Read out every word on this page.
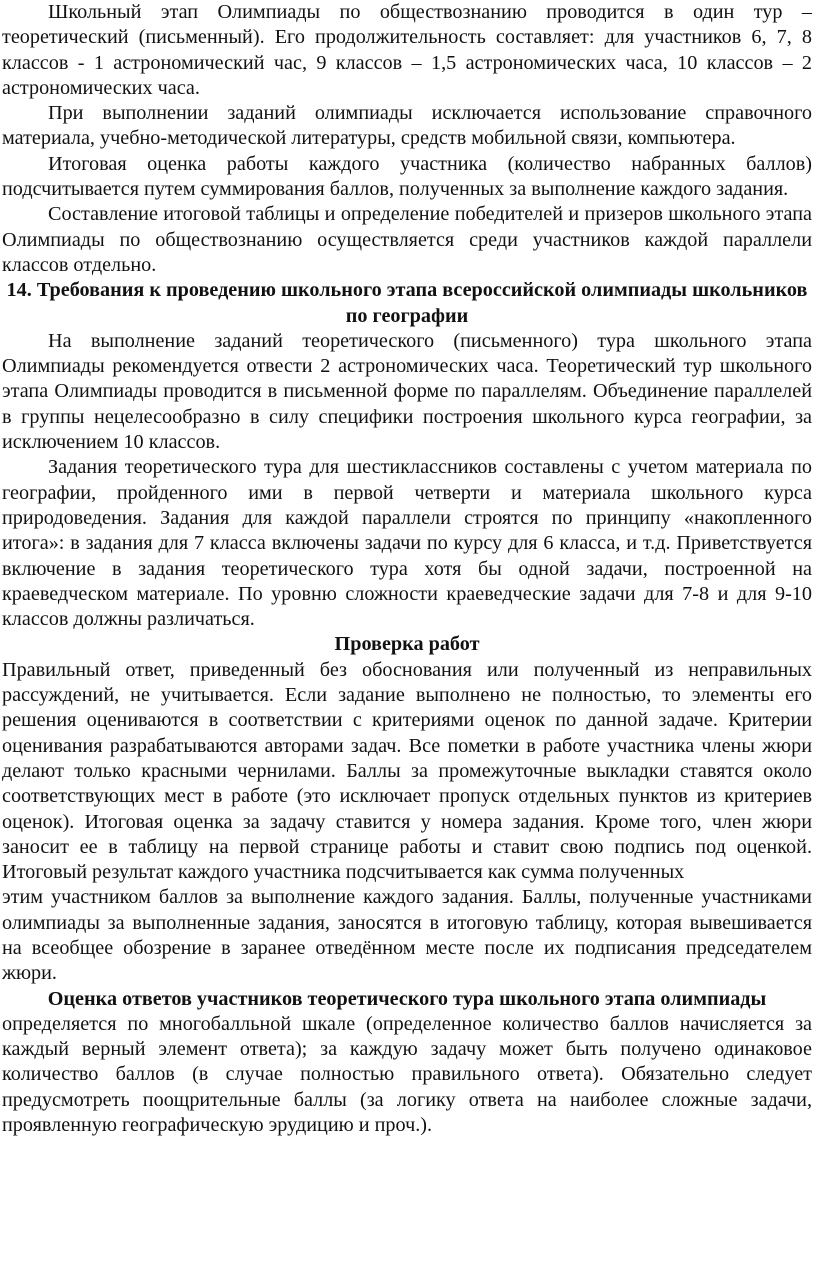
Школьный этап Олимпиады по обществознанию проводится в один тур – теоретический (письменный). Его продолжительность составляет: для участников 6, 7, 8 классов - 1 астрономический час, 9 классов – 1,5 астрономических часа, 10 классов – 2 астрономических часа.

При выполнении заданий олимпиады исключается использование справочного материала, учебно-методической литературы, средств мобильной связи, компьютера.

Итоговая оценка работы каждого участника (количество набранных баллов) подсчитывается путем суммирования баллов, полученных за выполнение каждого задания.

Составление итоговой таблицы и определение победителей и призеров школьного этапа Олимпиады по обществознанию осуществляется среди участников каждой параллели классов отдельно.

14. Требования к проведению школьного этапа всероссийской олимпиады школьников по географии

На выполнение заданий теоретического (письменного) тура школьного этапа Олимпиады рекомендуется отвести 2 астрономических часа. Теоретический тур школьного этапа Олимпиады проводится в письменной форме по параллелям. Объединение параллелей в группы нецелесообразно в силу специфики построения школьного курса географии, за исключением 10 классов.

Задания теоретического тура для шестиклассников составлены с учетом материала по географии, пройденного ими в первой четверти и материала школьного курса природоведения. Задания для каждой параллели строятся по принципу «накопленного итога»: в задания для 7 класса включены задачи по курсу для 6 класса, и т.д. Приветствуется включение в задания теоретического тура хотя бы одной задачи, построенной на краеведческом материале. По уровню сложности краеведческие задачи для 7-8 и для 9-10 классов должны различаться.

Проверка работ

Правильный ответ, приведенный без обоснования или полученный из неправильных рассуждений, не учитывается. Если задание выполнено не полностью, то элементы его решения оцениваются в соответствии с критериями оценок по данной задаче. Критерии оценивания разрабатываются авторами задач. Все пометки в работе участника члены жюри делают только красными чернилами. Баллы за промежуточные выкладки ставятся около соответствующих мест в работе (это исключает пропуск отдельных пунктов из критериев оценок). Итоговая оценка за задачу ставится у номера задания. Кроме того, член жюри заносит ее в таблицу на первой странице работы и ставит свою подпись под оценкой. Итоговый результат каждого участника подсчитывается как сумма полученных

этим участником баллов за выполнение каждого задания. Баллы, полученные участниками олимпиады за выполненные задания, заносятся в итоговую таблицу, которая вывешивается на всеобщее обозрение в заранее отведённом месте после их подписания председателем жюри.

Оценка ответов участников теоретического тура школьного этапа олимпиады

определяется по многобалльной шкале (определенное количество баллов начисляется за каждый верный элемент ответа); за каждую задачу может быть получено одинаковое количество баллов (в случае полностью правильного ответа). Обязательно следует предусмотреть поощрительные баллы (за логику ответа на наиболее сложные задачи, проявленную географическую эрудицию и проч.).
